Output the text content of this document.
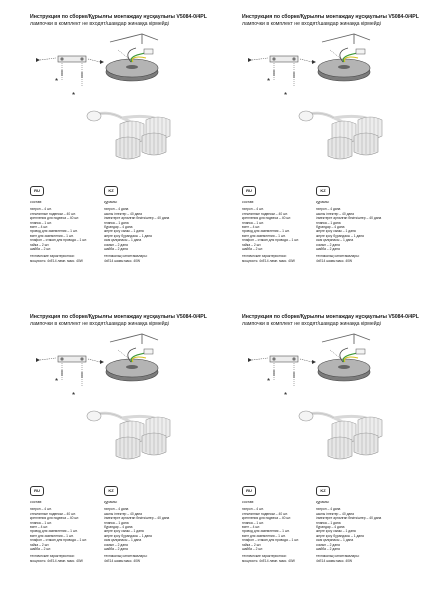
Инструкция по сборке/Құрылғы монтаждау нұсқаулығы V5084-0/4PL
лампочки в комплект не входят/шамдар жинаққа кірмейді
*
*
RU	KZ
состав:
патрон – 4 шт.
стеклянные подвески – 40 шт.
крепления для подвеса – 40 шт.
планка – 1 шт.
винт – 4 шт.
провод для заземления – 1 шт.
винт для заземления – 1 шт.
плафон – стакан для провода – 1 шт.
гайка – 2 шт.
шайба – 2 шт.
технические характеристики:
мощность: 4xE14 ламп. макс. 40W
құрамы:
патрон – 4 дана
шыны ілгектер – 40 дана
ілмектерге арналған бекіткіштер – 40 дана
планка – 1 дана
бұрандар – 4 дана
жерге қосу сымы – 1 дана
жерге қосу бұрандасы – 1 дана
сым қалқанасы – 1 дана
сомын – 2 дана
шайба – 2 дана
техникалық сипаттамалары:
4xE14 шамы макс. 40W
Инструкция по сборке/Құрылғы монтаждау нұсқаулығы V5084-0/4PL
лампочки в комплект не входят/шамдар жинаққа кірмейді
*
*
RU	KZ
состав:
патрон – 4 шт.
стеклянные подвески – 40 шт.
крепления для подвеса – 40 шт.
планка – 1 шт.
винт – 4 шт.
провод для заземления – 1 шт.
винт для заземления – 1 шт.
плафон – стакан для провода – 1 шт.
гайка – 2 шт.
шайба – 2 шт.
технические характеристики:
мощность: 4xE14 ламп. макс. 40W
құрамы:
патрон – 4 дана
шыны ілгектер – 40 дана
ілмектерге арналған бекіткіштер – 40 дана
планка – 1 дана
бұрандар – 4 дана
жерге қосу сымы – 1 дана
жерге қосу бұрандасы – 1 дана
сым қалқанасы – 1 дана
сомын – 2 дана
шайба – 2 дана
техникалық сипаттамалары:
4xE14 шамы макс. 40W
Инструкция по сборке/Құрылғы монтаждау нұсқаулығы V5084-0/4PL
лампочки в комплект не входят/шамдар жинаққа кірмейді
*
*
RU	KZ
состав:
патрон – 4 шт.
стеклянные подвески – 40 шт.
крепления для подвеса – 40 шт.
планка – 1 шт.
винт – 4 шт.
провод для заземления – 1 шт.
винт для заземления – 1 шт.
плафон – стакан для провода – 1 шт.
гайка – 2 шт.
шайба – 2 шт.
технические характеристики:
мощность: 4xE14 ламп. макс. 40W
құрамы:
патрон – 4 дана
шыны ілгектер – 40 дана
ілмектерге арналған бекіткіштер – 40 дана
планка – 1 дана
бұрандар – 4 дана
жерге қосу сымы – 1 дана
жерге қосу бұрандасы – 1 дана
сым қалқанасы – 1 дана
сомын – 2 дана
шайба – 2 дана
техникалық сипаттамалары:
4xE14 шамы макс. 40W
Инструкция по сборке/Құрылғы монтаждау нұсқаулығы V5084-0/4PL
лампочки в комплект не входят/шамдар жинаққа кірмейді
*
*
RU	KZ
состав:
патрон – 4 шт.
стеклянные подвески – 40 шт.
крепления для подвеса – 40 шт.
планка – 1 шт.
винт – 4 шт.
провод для заземления – 1 шт.
винт для заземления – 1 шт.
плафон – стакан для провода – 1 шт.
гайка – 2 шт.
шайба – 2 шт.
технические характеристики:
мощность: 4xE14 ламп. макс. 40W
құрамы:
патрон – 4 дана
шыны ілгектер – 40 дана
ілмектерге арналған бекіткіштер – 40 дана
планка – 1 дана
бұрандар – 4 дана
жерге қосу сымы – 1 дана
жерге қосу бұрандасы – 1 дана
сым қалқанасы – 1 дана
сомын – 2 дана
шайба – 2 дана
техникалық сипаттамалары:
4xE14 шамы макс. 40W
